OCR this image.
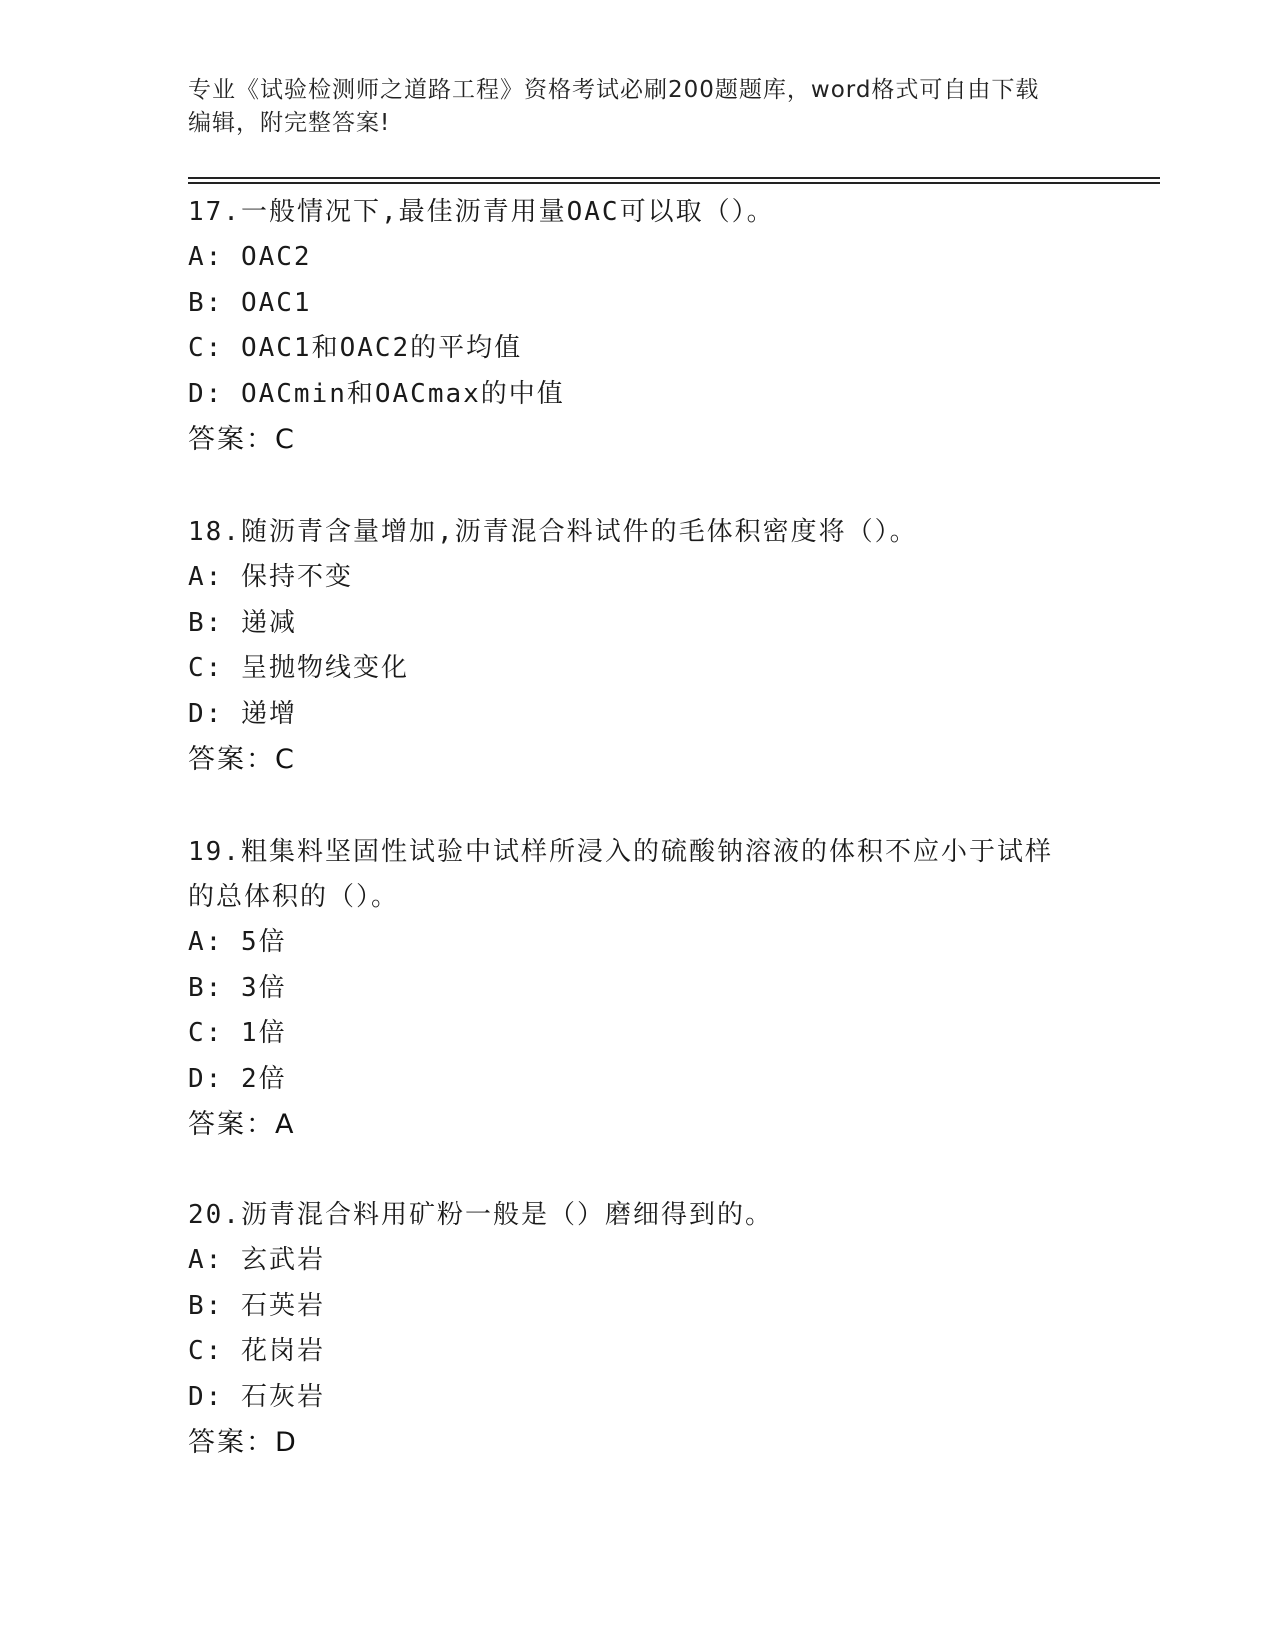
专业《试验检测师之道路工程》资格考试必刷200题题库，word格式可自由下载
编辑，附完整答案!

17.一般情况下,最佳沥青用量OAC可以取（）。

A: OAC2

B: OAC1

C: OAC1和OAC2的平均值

D: OACmin和OACmax的中值

答案：C

18.随沥青含量增加,沥青混合料试件的毛体积密度将（）。

A: 保持不变

B: 递减

C: 呈抛物线变化

D: 递增

答案：C

19.粗集料坚固性试验中试样所浸入的硫酸钠溶液的体积不应小于试样

的总体积的（）。

A: 5倍

B: 3倍

C: 1倍

D: 2倍

答案：A

20.沥青混合料用矿粉一般是（）磨细得到的。

A: 玄武岩

B: 石英岩

C: 花岗岩

D: 石灰岩

答案：D
